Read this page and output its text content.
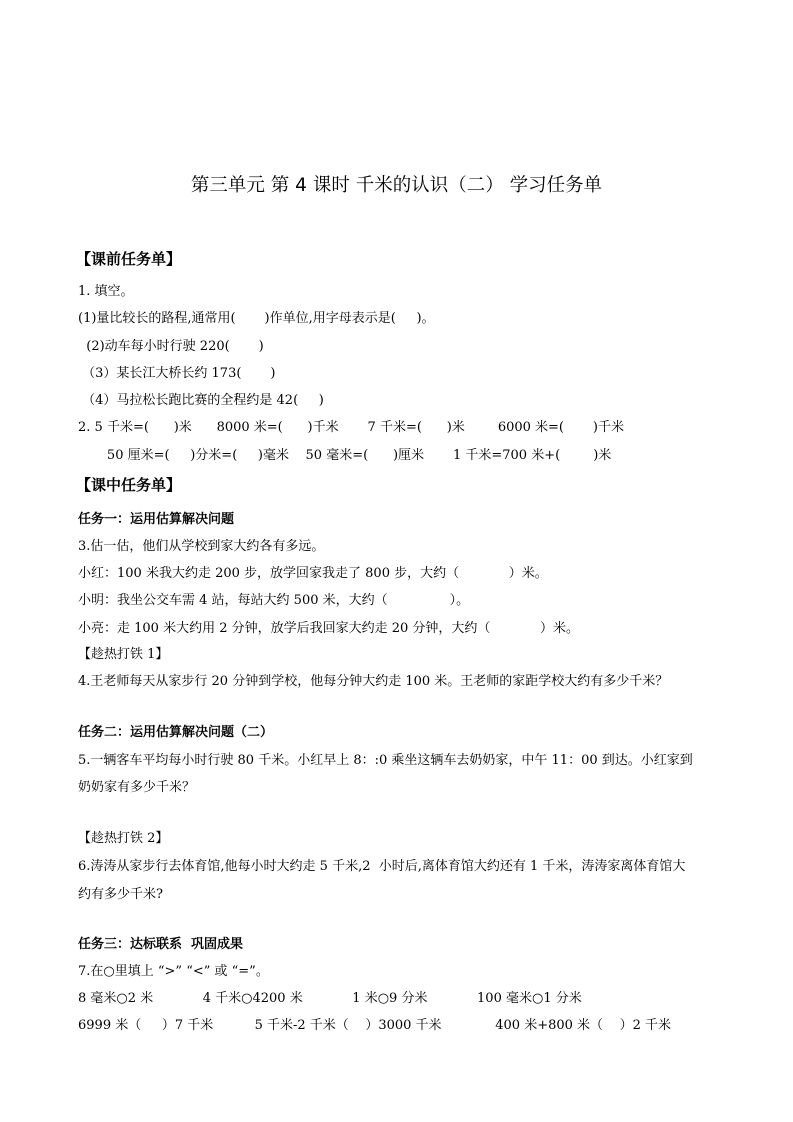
第三单元 第 4 课时 千米的认识（二） 学习任务单
【课前任务单】
1. 填空。
(1)量比较长的路程,通常用(       )作单位,用字母表示是(     )。
(2)动车每小时行驶 220(       )
（3）某长江大桥长约 173(       )
（4）马拉松长跑比赛的全程约是 42(     )
2. 5 千米=(      )米      8000 米=(      )千米       7 千米=(      )米        6000 米=(       )千米
50 厘米=(     )分米=(     )毫米    50 毫米=(      )厘米       1 千米=700 米+(        )米
【课中任务单】
任务一：运用估算解决问题
3.估一估，他们从学校到家大约各有多远。
小红：100 米我大约走 200 步，放学回家我走了 800 步，大约（            ）米。
小明：我坐公交车需 4 站，每站大约 500 米，大约（               ）。
小亮：走 100 米大约用 2 分钟，放学后我回家大约走 20 分钟，大约（            ）米。
【趁热打铁 1】
4.王老师每天从家步行 20 分钟到学校，他每分钟大约走 100 米。王老师的家距学校大约有多少千米？
任务二：运用估算解决问题（二）
5.一辆客车平均每小时行驶 80 千米。小红早上 8：:0 乘坐这辆车去奶奶家，中午 11：00 到达。小红家到
奶奶家有多少千米？
【趁热打铁 2】
6.涛涛从家步行去体育馆,他每小时大约走 5 千米,2  小时后,离体育馆大约还有 1 千米，涛涛家离体育馆大
约有多少千米?
任务三：达标联系  巩固成果
7.在○里填上 “>” “<” 或 “=”。
8 毫米○2 米            4 千米○4200 米            1 米○9 分米            100 毫米○1 分米
6999 米（     ）7 千米          5 千米-2 千米（    ）3000 千米             400 米+800 米（    ）2 千米
